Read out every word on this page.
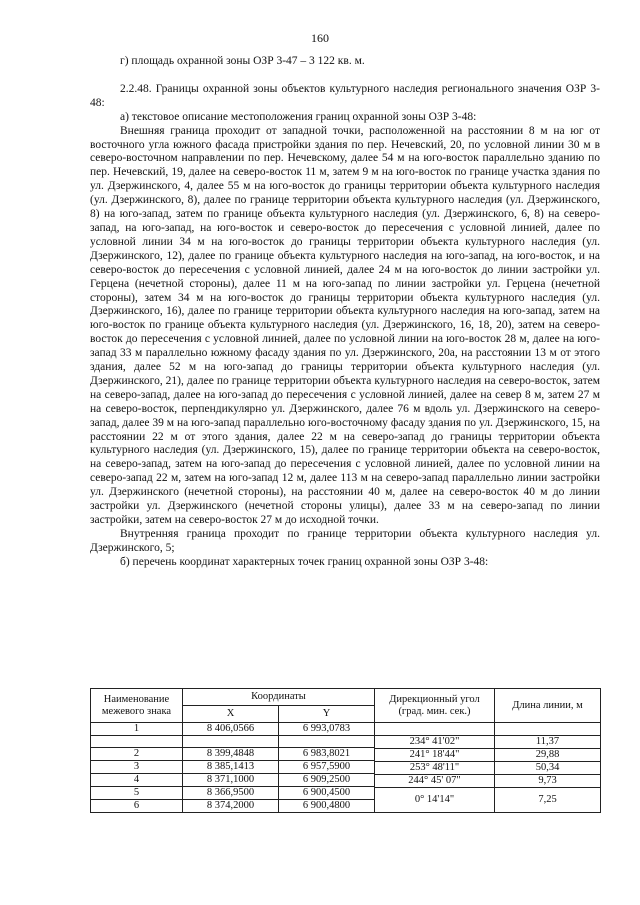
160

г) площадь охранной зоны ОЗР 3-47 – 3 122 кв. м.

2.2.48. Границы охранной зоны объектов культурного наследия регионального значения ОЗР 3-48:

а) текстовое описание местоположения границ охранной зоны ОЗР 3-48:

Внешняя граница проходит от западной точки, расположенной на расстоянии 8 м на юг от восточного угла южного фасада пристройки здания по пер. Нечевский, 20, по условной линии 30 м в северо-восточном направлении по пер. Нечевскому, далее 54 м на юго-восток параллельно зданию по пер. Нечевский, 19, далее на северо-восток 11 м, затем 9 м на юго-восток по границе участка здания по ул. Дзержинского, 4, далее 55 м на юго-восток до границы территории объекта культурного наследия (ул. Дзержинского, 8), далее по границе территории объекта культурного наследия (ул. Дзержинского, 8) на юго-запад, затем по границе объекта культурного наследия (ул. Дзержинского, 6, 8) на северо-запад, на юго-запад, на юго-восток и северо-восток до пересечения с условной линией, далее по условной линии 34 м на юго-восток до границы территории объекта культурного наследия (ул. Дзержинского, 12), далее по границе объекта культурного наследия на юго-запад, на юго-восток, и на северо-восток до пересечения с условной линией, далее 24 м на юго-восток до линии застройки ул. Герцена (нечетной стороны), далее 11 м на юго-запад по линии застройки ул. Герцена (нечетной стороны), затем 34 м на юго-восток до границы территории объекта культурного наследия (ул. Дзержинского, 16), далее по границе территории объекта культурного наследия на юго-запад, затем на юго-восток по границе объекта культурного наследия (ул. Дзержинского, 16, 18, 20), затем на северо-восток до пересечения с условной линией, далее по условной линии на юго-восток 28 м, далее на юго-запад 33 м параллельно южному фасаду здания по ул. Дзержинского, 20а, на расстоянии 13 м от этого здания, далее 52 м на юго-запад до границы территории объекта культурного наследия (ул. Дзержинского, 21), далее по границе территории объекта культурного наследия на северо-восток, затем на северо-запад, далее на юго-запад до пересечения с условной линией, далее на север 8 м, затем 27 м на северо-восток, перпендикулярно ул. Дзержинского, далее 76 м вдоль ул. Дзержинского на северо-запад, далее 39 м на юго-запад параллельно юго-восточному фасаду здания по ул. Дзержинского, 15, на расстоянии 22 м от этого здания, далее 22 м на северо-запад до границы территории объекта культурного наследия (ул. Дзержинского, 15), далее по границе территории объекта на северо-восток, на северо-запад, затем на юго-запад до пересечения с условной линией, далее по условной линии на северо-запад 22 м, затем на юго-запад 12 м, далее 113 м на северо-запад параллельно линии застройки ул. Дзержинского (нечетной стороны), на расстоянии 40 м, далее на северо-восток 40 м до линии застройки ул. Дзержинского (нечетной стороны улицы), далее 33 м на северо-запад по линии застройки, затем на северо-восток 27 м до исходной точки.

Внутренняя граница проходит по границе территории объекта культурного наследия ул. Дзержинского, 5;

б) перечень координат характерных точек границ охранной зоны ОЗР 3-48:

Наименование межевого знака	Координаты		Дирекционный угол (град. мин. сек.)	Длина линии, м
	X	Y		
1	8 406,0566	6 993,0783		

			234° 41'02"	11,37
2	8 399,4848	6 983,8021		
			241° 18'44"	29,88
3	8 385,1413	6 957,5900		
			253° 48'11"	50,34
4	8 371,1000	6 909,2500		
			244° 45' 07"	9,73
5	8 366,9500	6 900,4500		
			0° 14'14"	7,25
6	8 374,2000	6 900,4800		
